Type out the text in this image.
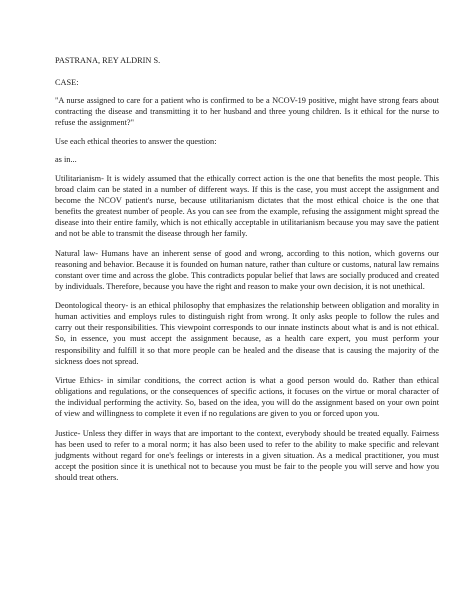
PASTRANA, REY ALDRIN S.

CASE:

"A nurse assigned to care for a patient who is confirmed to be a NCOV-19 positive, might have strong fears about contracting the disease and transmitting it to her husband and three young children. Is it ethical for the nurse to refuse the assignment?"

Use each ethical theories to answer the question:

as in...

Utilitarianism- It is widely assumed that the ethically correct action is the one that benefits the most people. This broad claim can be stated in a number of different ways. If this is the case, you must accept the assignment and become the NCOV patient's nurse, because utilitarianism dictates that the most ethical choice is the one that benefits the greatest number of people. As you can see from the example, refusing the assignment might spread the disease into their entire family, which is not ethically acceptable in utilitarianism because you may save the patient and not be able to transmit the disease through her family.

Natural law- Humans have an inherent sense of good and wrong, according to this notion, which governs our reasoning and behavior. Because it is founded on human nature, rather than culture or customs, natural law remains constant over time and across the globe. This contradicts popular belief that laws are socially produced and created by individuals. Therefore, because you have the right and reason to make your own decision, it is not unethical.

Deontological theory- is an ethical philosophy that emphasizes the relationship between obligation and morality in human activities and employs rules to distinguish right from wrong. It only asks people to follow the rules and carry out their responsibilities. This viewpoint corresponds to our innate instincts about what is and is not ethical. So, in essence, you must accept the assignment because, as a health care expert, you must perform your responsibility and fulfill it so that more people can be healed and the disease that is causing the majority of the sickness does not spread.

Virtue Ethics- in similar conditions, the correct action is what a good person would do. Rather than ethical obligations and regulations, or the consequences of specific actions, it focuses on the virtue or moral character of the individual performing the activity. So, based on the idea, you will do the assignment based on your own point of view and willingness to complete it even if no regulations are given to you or forced upon you.

Justice- Unless they differ in ways that are important to the context, everybody should be treated equally. Fairness has been used to refer to a moral norm; it has also been used to refer to the ability to make specific and relevant judgments without regard for one's feelings or interests in a given situation. As a medical practitioner, you must accept the position since it is unethical not to because you must be fair to the people you will serve and how you should treat others.
